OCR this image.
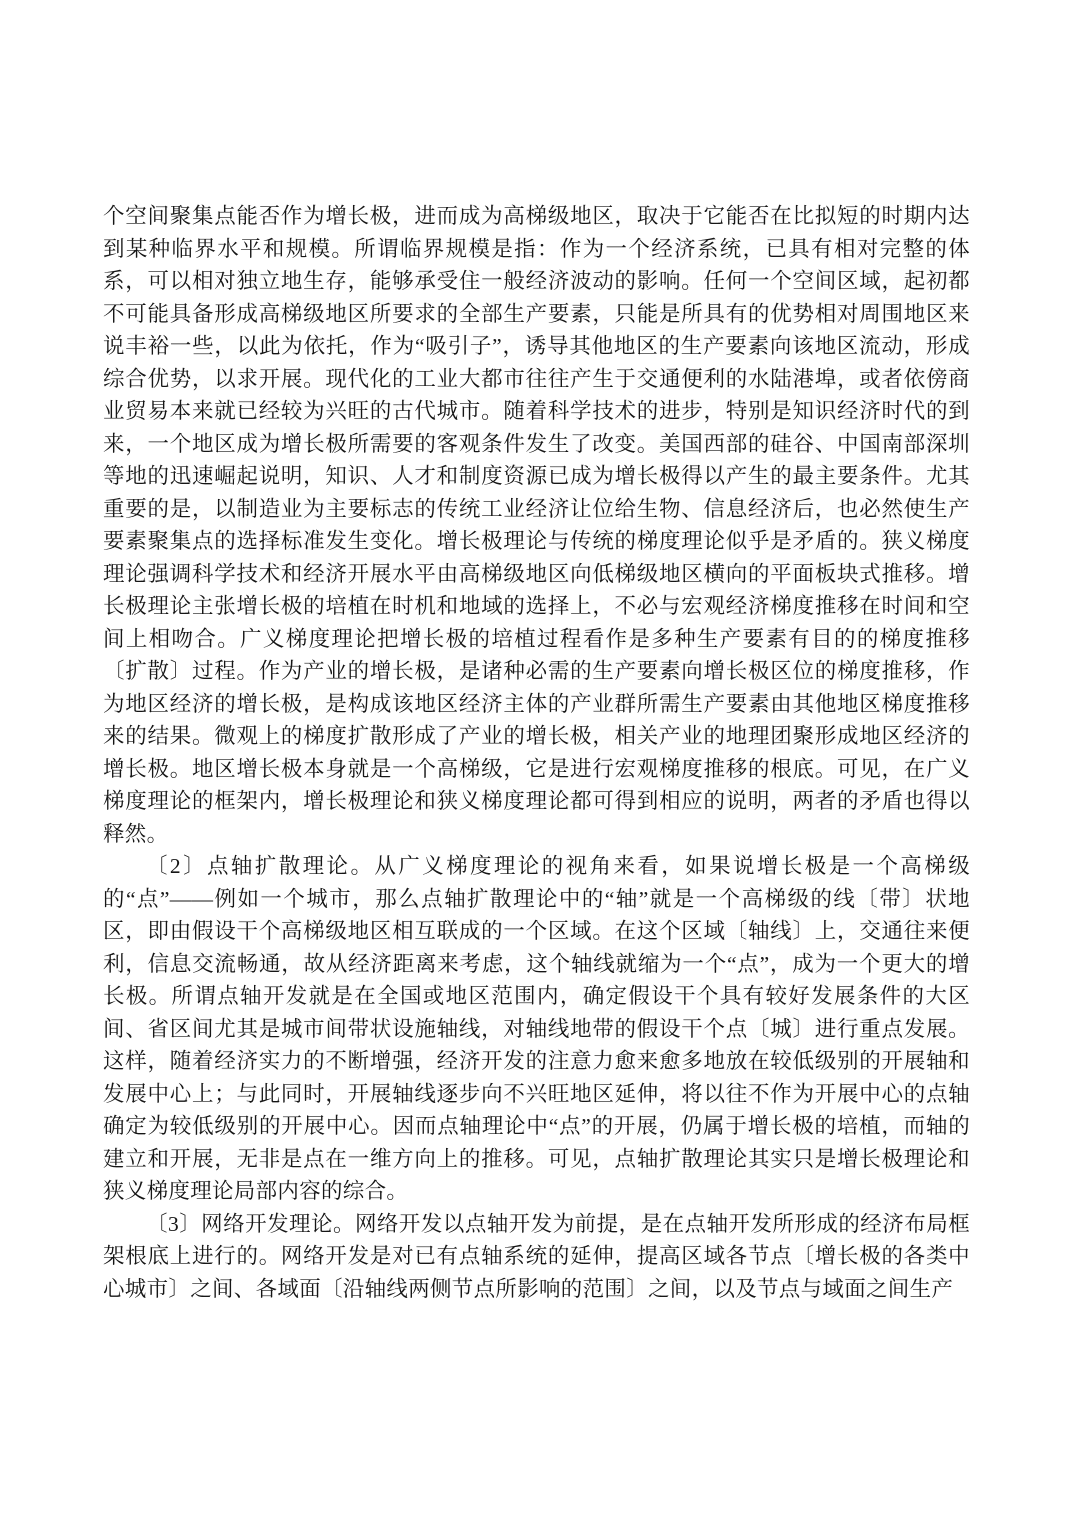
个空间聚集点能否作为增长极，进而成为高梯级地区，取决于它能否在比拟短的时期内达到某种临界水平和规模。所谓临界规模是指：作为一个经济系统，已具有相对完整的体系，可以相对独立地生存，能够承受住一般经济波动的影响。任何一个空间区域，起初都不可能具备形成高梯级地区所要求的全部生产要素，只能是所具有的优势相对周围地区来说丰裕一些，以此为依托，作为“吸引子”，诱导其他地区的生产要素向该地区流动，形成综合优势，以求开展。现代化的工业大都市往往产生于交通便利的水陆港埠，或者依傍商业贸易本来就已经较为兴旺的古代城市。随着科学技术的进步，特别是知识经济时代的到来，一个地区成为增长极所需要的客观条件发生了改变。美国西部的硅谷、中国南部深圳等地的迅速崛起说明，知识、人才和制度资源已成为增长极得以产生的最主要条件。尤其重要的是，以制造业为主要标志的传统工业经济让位给生物、信息经济后，也必然使生产要素聚集点的选择标准发生变化。增长极理论与传统的梯度理论似乎是矛盾的。狭义梯度理论强调科学技术和经济开展水平由高梯级地区向低梯级地区横向的平面板块式推移。增长极理论主张增长极的培植在时机和地域的选择上，不必与宏观经济梯度推移在时间和空间上相吻合。广义梯度理论把增长极的培植过程看作是多种生产要素有目的的梯度推移〔扩散〕过程。作为产业的增长极，是诸种必需的生产要素向增长极区位的梯度推移，作为地区经济的增长极，是构成该地区经济主体的产业群所需生产要素由其他地区梯度推移来的结果。微观上的梯度扩散形成了产业的增长极，相关产业的地理团聚形成地区经济的增长极。地区增长极本身就是一个高梯级，它是进行宏观梯度推移的根底。可见，在广义梯度理论的框架内，增长极理论和狭义梯度理论都可得到相应的说明，两者的矛盾也得以释然。

〔2〕点轴扩散理论。从广义梯度理论的视角来看，如果说增长极是一个高梯级的“点”——例如一个城市，那么点轴扩散理论中的“轴”就是一个高梯级的线〔带〕状地区，即由假设干个高梯级地区相互联成的一个区域。在这个区域〔轴线〕上，交通往来便利，信息交流畅通，故从经济距离来考虑，这个轴线就缩为一个“点”，成为一个更大的增长极。所谓点轴开发就是在全国或地区范围内，确定假设干个具有较好发展条件的大区间、省区间尤其是城市间带状设施轴线，对轴线地带的假设干个点〔城〕进行重点发展。这样，随着经济实力的不断增强，经济开发的注意力愈来愈多地放在较低级别的开展轴和发展中心上；与此同时，开展轴线逐步向不兴旺地区延伸，将以往不作为开展中心的点轴确定为较低级别的开展中心。因而点轴理论中“点”的开展，仍属于增长极的培植，而轴的建立和开展，无非是点在一维方向上的推移。可见，点轴扩散理论其实只是增长极理论和狭义梯度理论局部内容的综合。

〔3〕网络开发理论。网络开发以点轴开发为前提，是在点轴开发所形成的经济布局框架根底上进行的。网络开发是对已有点轴系统的延伸，提高区域各节点〔增长极的各类中心城市〕之间、各域面〔沿轴线两侧节点所影响的范围〕之间，以及节点与域面之间生产
